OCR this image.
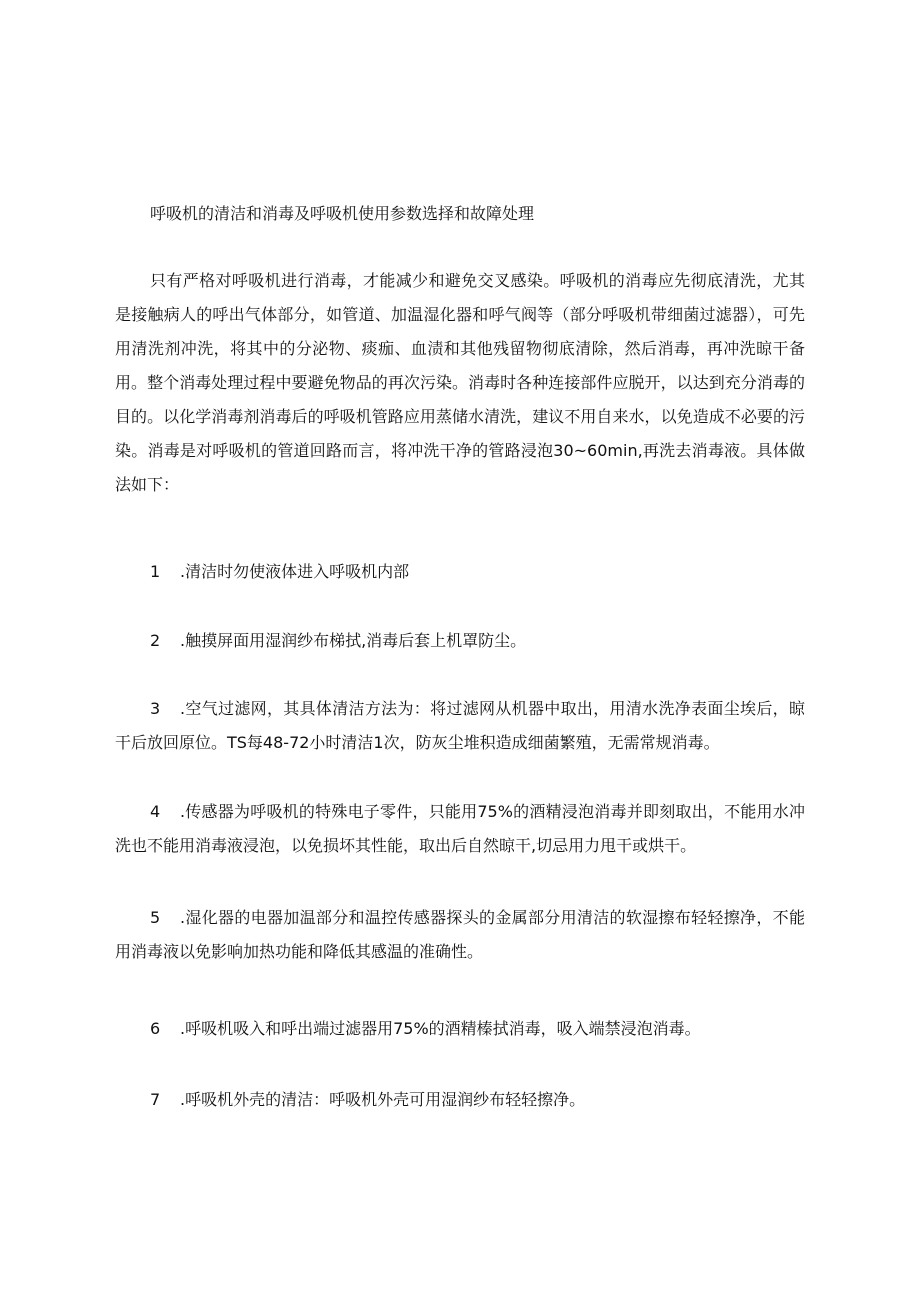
呼吸机的清洁和消毒及呼吸机使用参数选择和故障处理

只有严格对呼吸机进行消毒，才能减少和避免交叉感染。呼吸机的消毒应先彻底清洗，尤其是接触病人的呼出气体部分，如管道、加温湿化器和呼气阀等（部分呼吸机带细菌过滤器），可先用清洗剂冲洗，将其中的分泌物、痰痂、血渍和其他残留物彻底清除，然后消毒，再冲洗晾干备用。整个消毒处理过程中要避免物品的再次污染。消毒时各种连接部件应脱开，以达到充分消毒的目的。以化学消毒剂消毒后的呼吸机管路应用蒸储水清洗，建议不用自来水，以免造成不必要的污染。消毒是对呼吸机的管道回路而言，将冲洗干净的管路浸泡30~60min,再洗去消毒液。具体做法如下：

1 .清洁时勿使液体进入呼吸机内部

2 .触摸屏面用湿润纱布梯拭,消毒后套上机罩防尘。

3 .空气过滤网，其具体清洁方法为：将过滤网从机器中取出，用清水洗净表面尘埃后，晾干后放回原位。TS每48-72小时清洁1次，防灰尘堆积造成细菌繁殖，无需常规消毒。

4 .传感器为呼吸机的特殊电子零件，只能用75%的酒精浸泡消毒并即刻取出，不能用水冲洗也不能用消毒液浸泡，以免损坏其性能，取出后自然晾干,切忌用力甩干或烘干。

5 .湿化器的电器加温部分和温控传感器探头的金属部分用清洁的软湿擦布轻轻擦净，不能用消毒液以免影响加热功能和降低其感温的准确性。

6 .呼吸机吸入和呼出端过滤器用75%的酒精榛拭消毒，吸入端禁浸泡消毒。

7 .呼吸机外壳的清洁：呼吸机外壳可用湿润纱布轻轻擦净。
